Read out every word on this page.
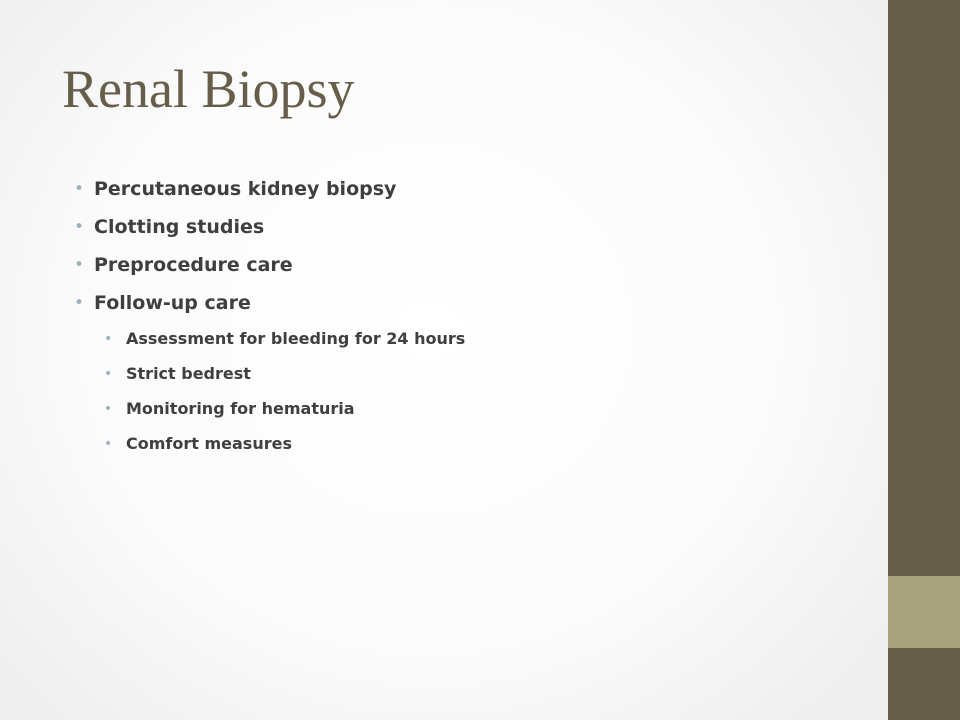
Renal Biopsy
• Percutaneous kidney biopsy
• Clotting studies
• Preprocedure care
• Follow-up care
• Assessment for bleeding for 24 hours
• Strict bedrest
• Monitoring for hematuria
• Comfort measures
